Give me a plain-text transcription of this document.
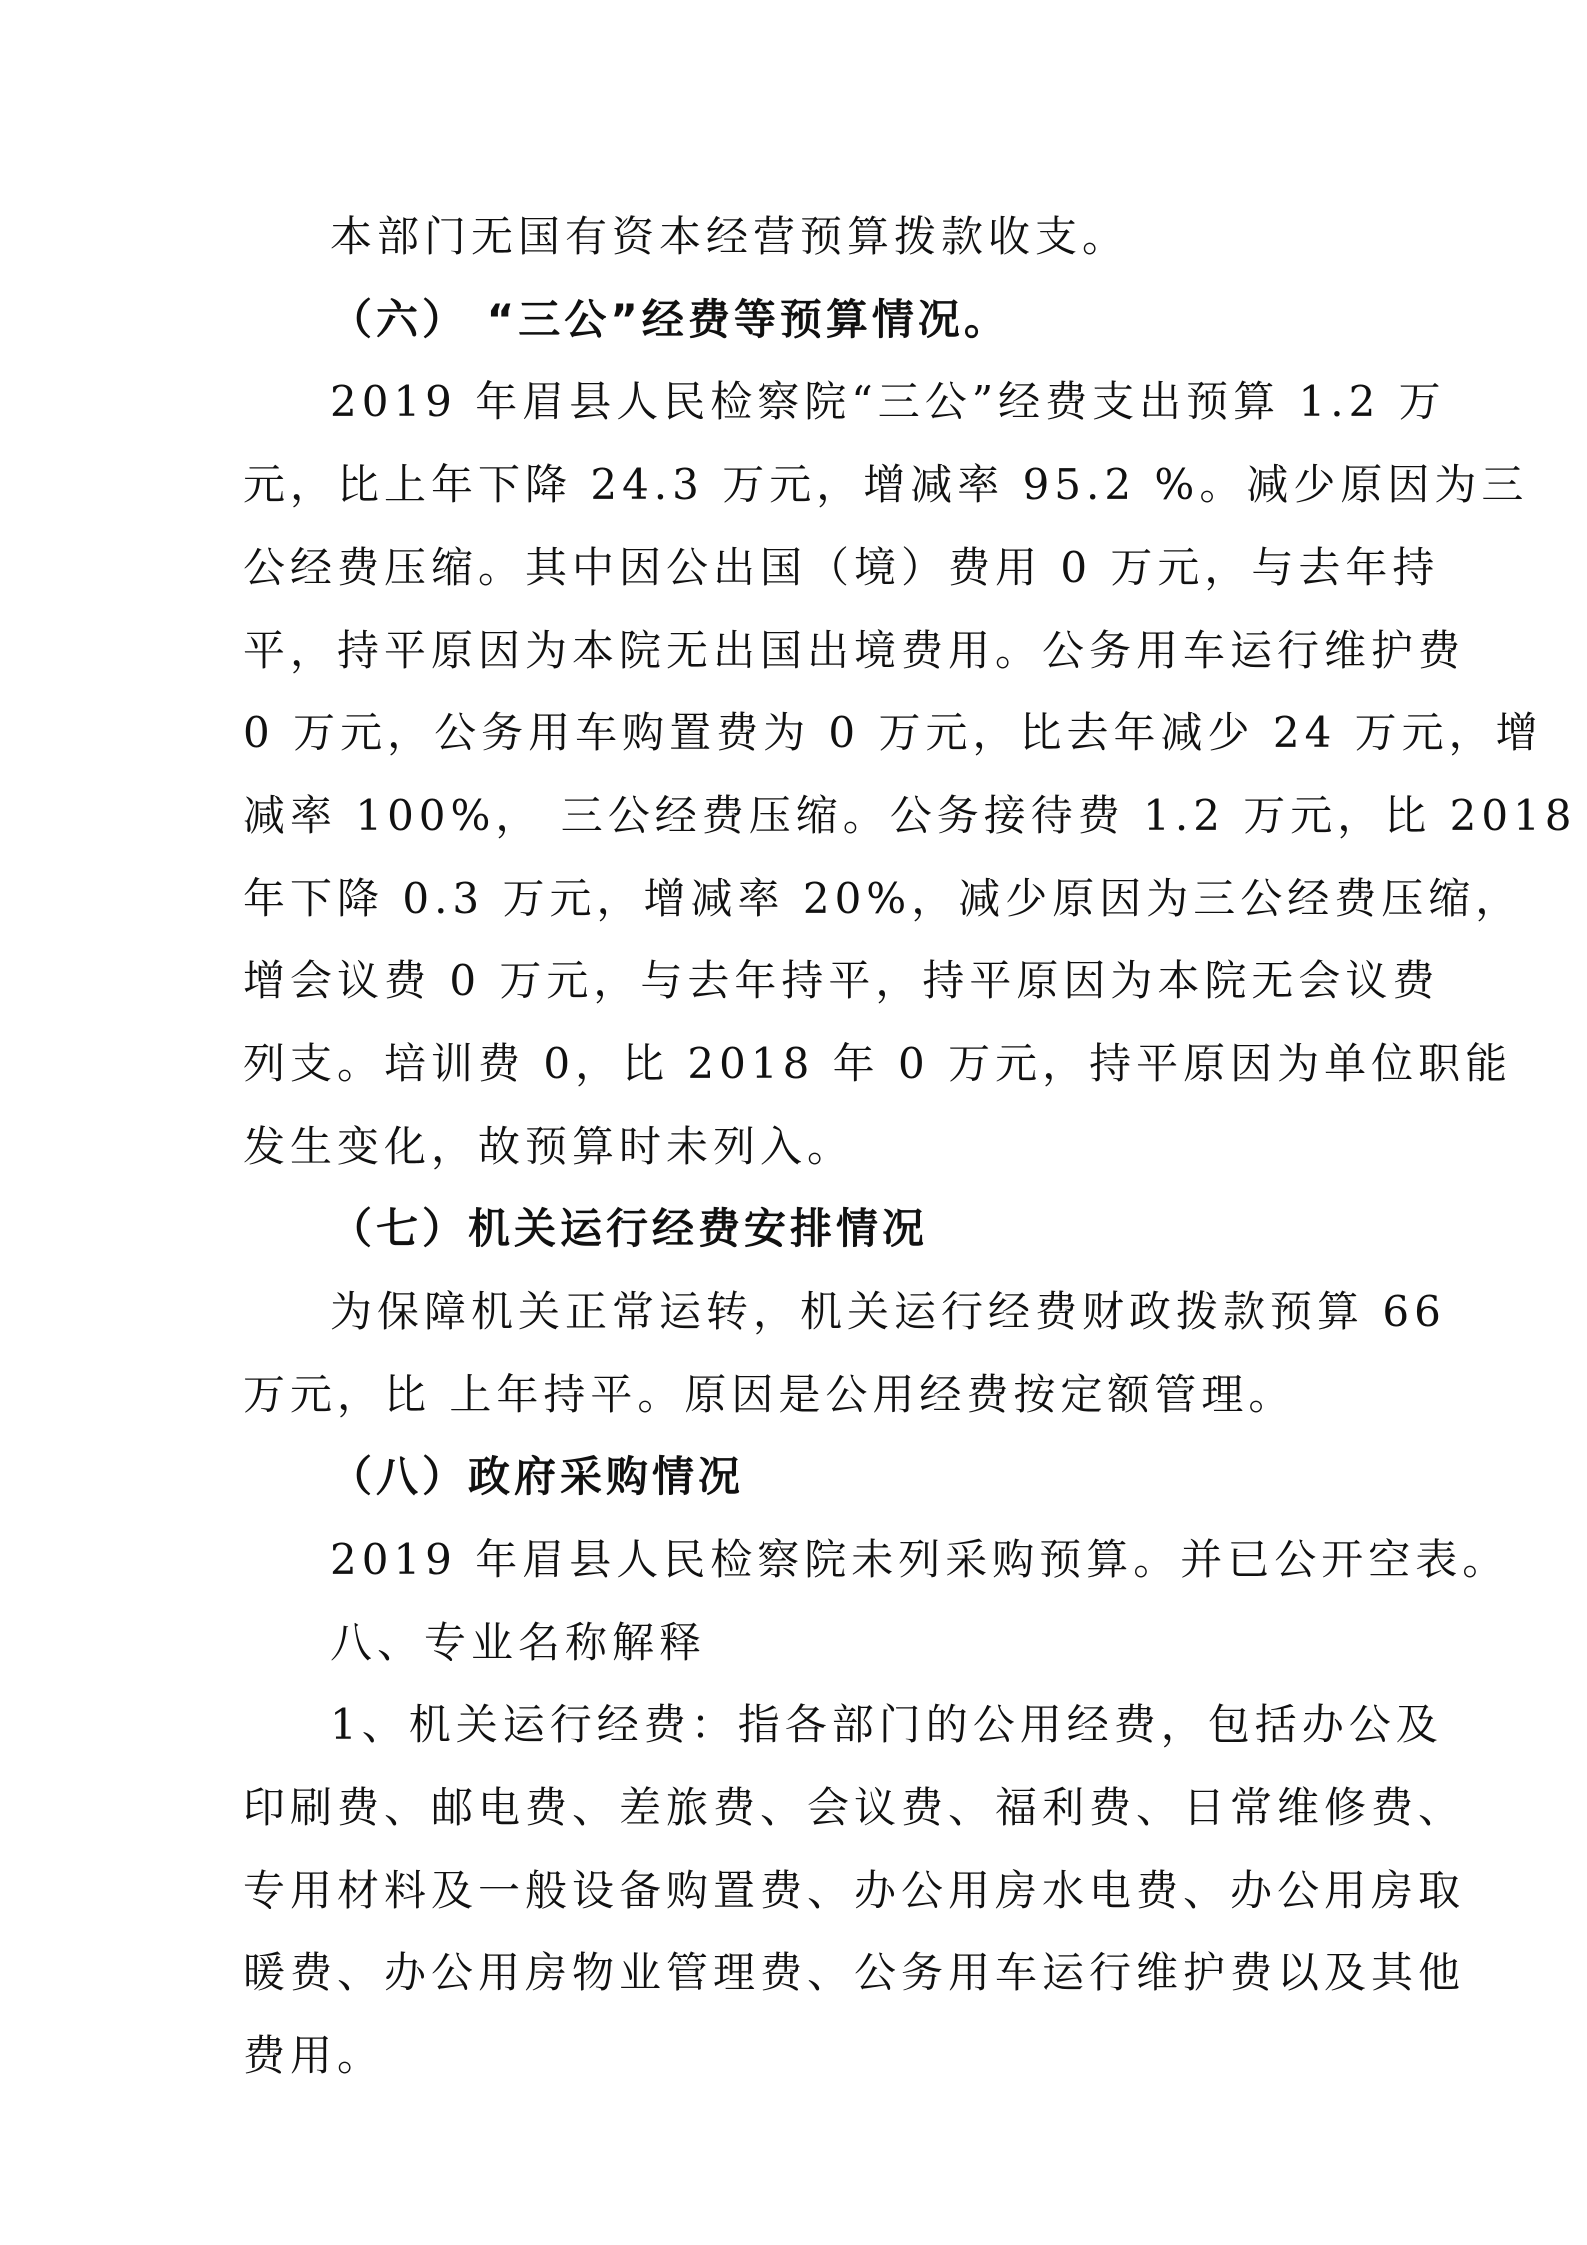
本部门无国有资本经营预算拨款收支。
（六） “三公”经费等预算情况。
2019 年眉县人民检察院“三公”经费支出预算 1.2 万
元，比上年下降 24.3 万元，增减率 95.2 %。减少原因为三
公经费压缩。其中因公出国（境）费用 0 万元，与去年持
平，持平原因为本院无出国出境费用。公务用车运行维护费
0 万元，公务用车购置费为 0 万元，比去年减少 24 万元，增
减率 100%， 三公经费压缩。公务接待费 1.2 万元，比 2018
年下降 0.3 万元，增减率 20%，减少原因为三公经费压缩，
增会议费 0 万元，与去年持平，持平原因为本院无会议费
列支。培训费 0，比 2018 年 0 万元，持平原因为单位职能
发生变化，故预算时未列入。
（七）机关运行经费安排情况
为保障机关正常运转，机关运行经费财政拨款预算 66
万元，比 上年持平。原因是公用经费按定额管理。
（八）政府采购情况
2019 年眉县人民检察院未列采购预算。并已公开空表。
八、专业名称解释
1、机关运行经费：指各部门的公用经费，包括办公及
印刷费、邮电费、差旅费、会议费、福利费、日常维修费、
专用材料及一般设备购置费、办公用房水电费、办公用房取
暖费、办公用房物业管理费、公务用车运行维护费以及其他
费用。
